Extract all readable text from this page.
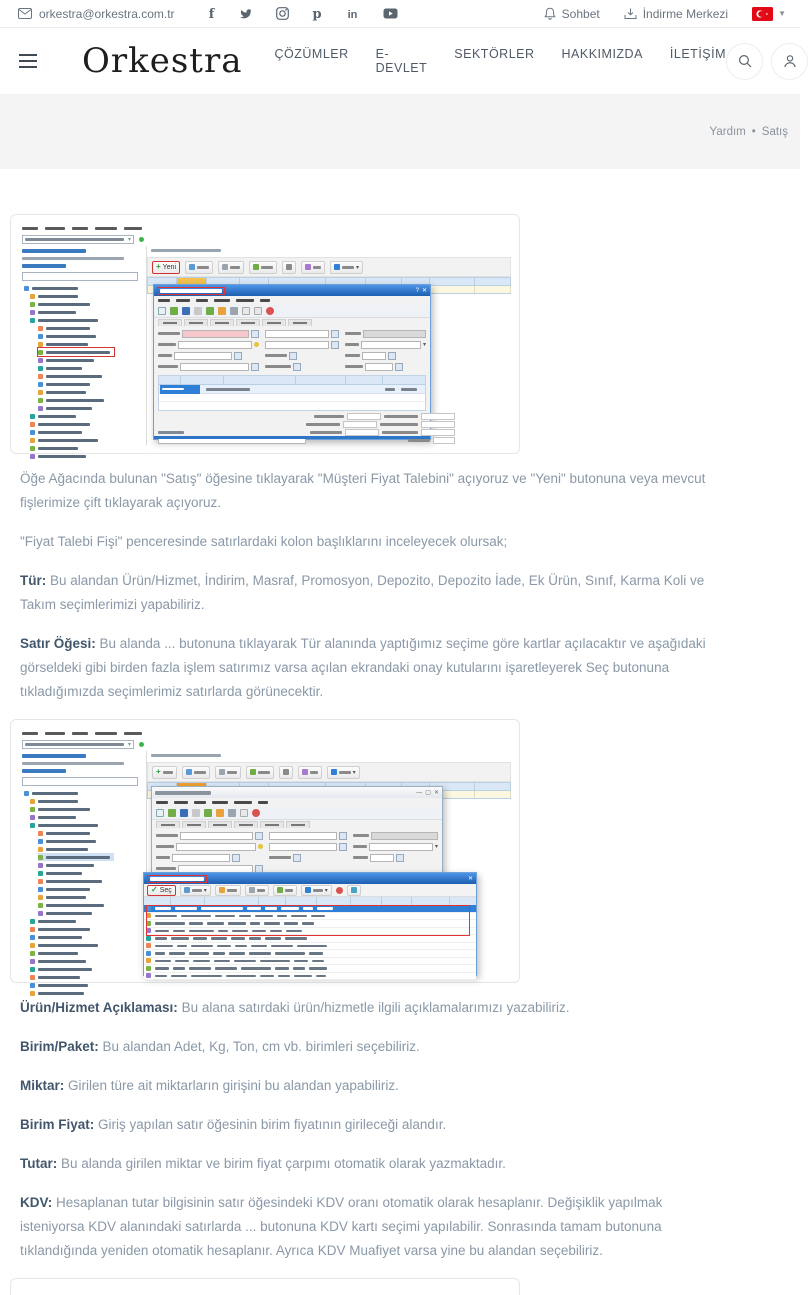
orkestra@orkestra.com.tr	f	p in	Sohbet	İndirme Merkezi	▼
Orkestra	ÇÖZÜMLER E-DEVLET
SEKTÖRLER HAKKIMIZDA İLETİŞİM
Yardım • Satış
▾

+ Yeni	▾
? ✕
▾

Öğe Ağacında bulunan "Satış" öğesine tıklayarak "Müşteri Fiyat Talebini" açıyoruz ve "Yeni" butonuna veya mevcut fişlerimize çift tıklayarak açıyoruz.

"Fiyat Talebi Fişi" penceresinde satırlardaki kolon başlıklarını inceleyecek olursak;

Tür: Bu alandan Ürün/Hizmet, İndirim, Masraf, Promosyon, Depozito, Depozito İade, Ek Ürün, Sınıf, Karma Koli ve Takım seçimlerimizi yapabiliriz.

Satır Öğesi: Bu alanda ... butonuna tıklayarak Tür alanında yaptığımız seçime göre kartlar açılacaktır ve aşağıdaki görseldeki gibi birden fazla işlem satırımız varsa açılan ekrandaki onay kutularını işaretleyerek Seç butonuna tıkladığımızda seçimlerimiz satırlarda görünecektir.

▾

+	▾
— ▢ ✕
▾
✕
✓ Seç	▾	▾

Ürün/Hizmet Açıklaması: Bu alana satırdaki ürün/hizmetle ilgili açıklamalarımızı yazabiliriz.

Birim/Paket: Bu alandan Adet, Kg, Ton, cm vb. birimleri seçebiliriz.

Miktar: Girilen türe ait miktarların girişini bu alandan yapabiliriz.

Birim Fiyat: Giriş yapılan satır öğesinin birim fiyatının girileceği alandır.

Tutar: Bu alanda girilen miktar ve birim fiyat çarpımı otomatik olarak yazmaktadır.

KDV: Hesaplanan tutar bilgisinin satır öğesindeki KDV oranı otomatik olarak hesaplanır. Değişiklik yapılmak isteniyorsa KDV alanındaki satırlarda ... butonuna KDV kartı seçimi yapılabilir. Sonrasında tamam butonuna tıklandığında yeniden otomatik hesaplanır. Ayrıca KDV Muafiyet varsa yine bu alandan seçebiliriz.
